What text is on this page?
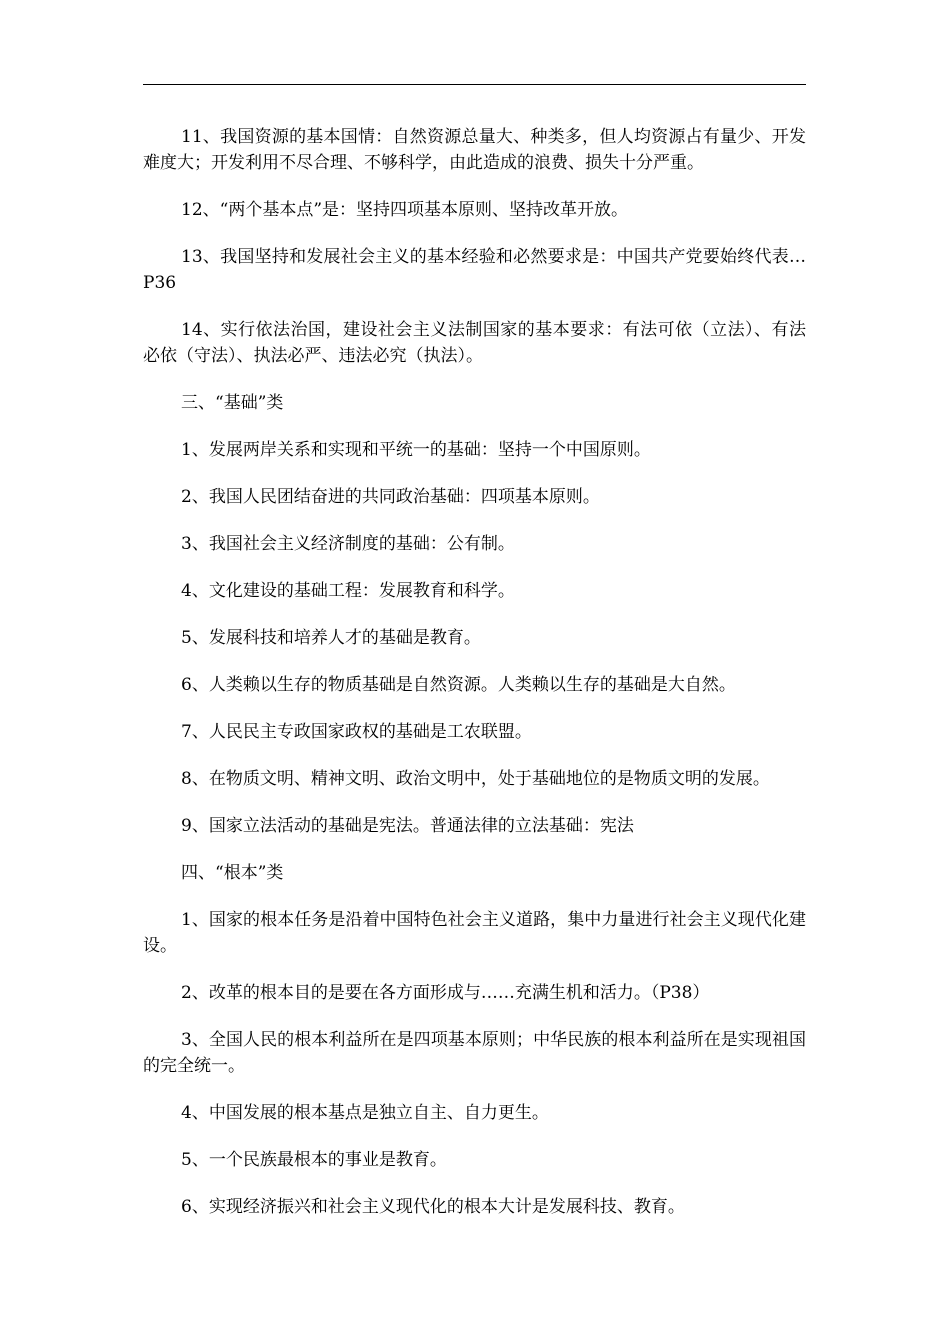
11、我国资源的基本国情：自然资源总量大、种类多，但人均资源占有量少、开发难度大；开发利用不尽合理、不够科学，由此造成的浪费、损失十分严重。

12、“两个基本点”是：坚持四项基本原则、坚持改革开放。

13、我国坚持和发展社会主义的基本经验和必然要求是：中国共产党要始终代表…P36

14、实行依法治国，建设社会主义法制国家的基本要求：有法可依（立法）、有法必依（守法）、执法必严、违法必究（执法）。

三、“基础”类

1、发展两岸关系和实现和平统一的基础：坚持一个中国原则。

2、我国人民团结奋进的共同政治基础：四项基本原则。

3、我国社会主义经济制度的基础：公有制。

4、文化建设的基础工程：发展教育和科学。

5、发展科技和培养人才的基础是教育。

6、人类赖以生存的物质基础是自然资源。人类赖以生存的基础是大自然。

7、人民民主专政国家政权的基础是工农联盟。

8、在物质文明、精神文明、政治文明中，处于基础地位的是物质文明的发展。

9、国家立法活动的基础是宪法。普通法律的立法基础：宪法

四、“根本”类

1、国家的根本任务是沿着中国特色社会主义道路，集中力量进行社会主义现代化建设。

2、改革的根本目的是要在各方面形成与……充满生机和活力。（P38）

3、全国人民的根本利益所在是四项基本原则；中华民族的根本利益所在是实现祖国的完全统一。

4、中国发展的根本基点是独立自主、自力更生。

5、一个民族最根本的事业是教育。

6、实现经济振兴和社会主义现代化的根本大计是发展科技、教育。
